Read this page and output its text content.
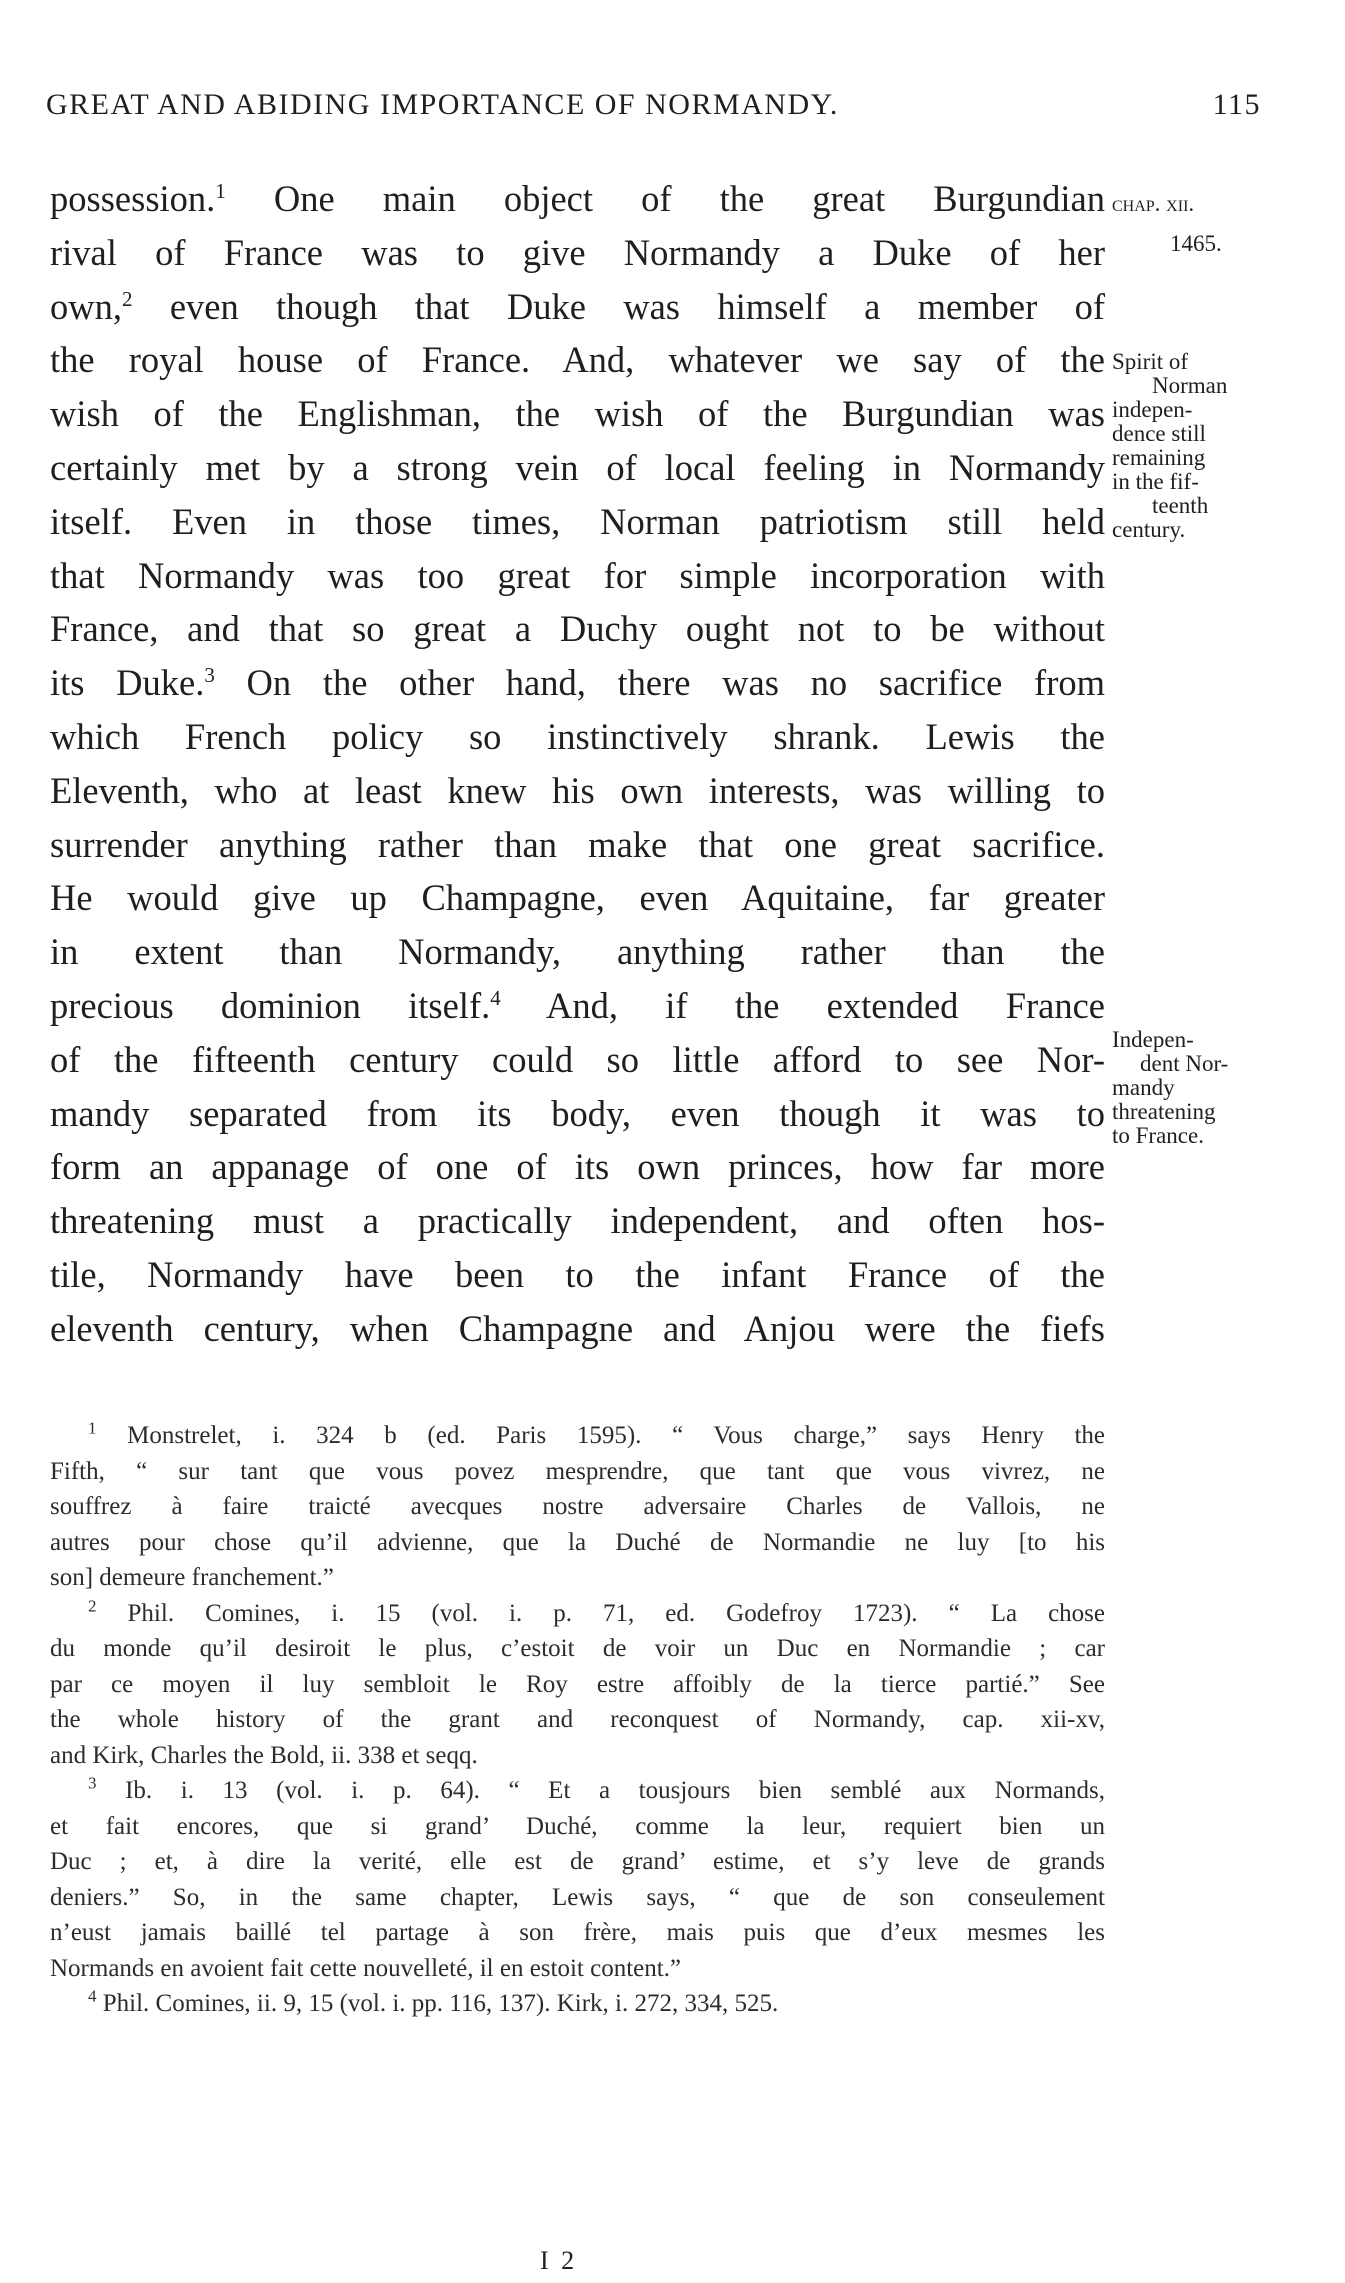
GREAT AND ABIDING IMPORTANCE OF NORMANDY.	115
possession.$^1$ One main object of the great Burgundian
rival of France was to give Normandy a Duke of her
own,$^2$ even though that Duke was himself a member of
the royal house of France. And, whatever we say of the
wish of the Englishman, the wish of the Burgundian was
certainly met by a strong vein of local feeling in Normandy
itself. Even in those times, Norman patriotism still held
that Normandy was too great for simple incorporation with
France, and that so great a Duchy ought not to be without
its Duke.$^3$ On the other hand, there was no sacrifice from
which French policy so instinctively shrank. Lewis the
Eleventh, who at least knew his own interests, was willing to
surrender anything rather than make that one great sacrifice.
He would give up Champagne, even Aquitaine, far greater
in extent than Normandy, anything rather than the
precious dominion itself.$^4$ And, if the extended France
of the fifteenth century could so little afford to see Nor-
mandy separated from its body, even though it was to
form an appanage of one of its own princes, how far more
threatening must a practically independent, and often hos-
tile, Normandy have been to the infant France of the
eleventh century, when Champagne and Anjou were the fiefs
chap. xii.
1465.
Spirit of
Norman
indepen-
dence still
remaining
in the fif-
teenth
century.
Indepen-
dent Nor-
mandy
threatening
to France.
$^1$ Monstrelet, i. 324 b (ed. Paris 1595). “ Vous charge,” says Henry the
Fifth, “ sur tant que vous povez mesprendre, que tant que vous vivrez, ne
souffrez à faire traicté avecques nostre adversaire Charles de Vallois, ne
autres pour chose qu’il advienne, que la Duché de Normandie ne luy [to his
son] demeure franchement.”
$^2$ Phil. Comines, i. 15 (vol. i. p. 71, ed. Godefroy 1723). “ La chose
du monde qu’il desiroit le plus, c’estoit de voir un Duc en Normandie ; car
par ce moyen il luy sembloit le Roy estre affoibly de la tierce partié.” See
the whole history of the grant and reconquest of Normandy, cap. xii-xv,
and Kirk, Charles the Bold, ii. 338 et seqq.
$^3$ Ib. i. 13 (vol. i. p. 64). “ Et a tousjours bien semblé aux Normands,
et fait encores, que si grand’ Duché, comme la leur, requiert bien un
Duc ; et, à dire la verité, elle est de grand’ estime, et s’y leve de grands
deniers.” So, in the same chapter, Lewis says, “ que de son conseulement
n’eust jamais baillé tel partage à son frère, mais puis que d’eux mesmes les
Normands en avoient fait cette nouvelleté, il en estoit content.”
$^4$ Phil. Comines, ii. 9, 15 (vol. i. pp. 116, 137). Kirk, i. 272, 334, 525.
I 2
